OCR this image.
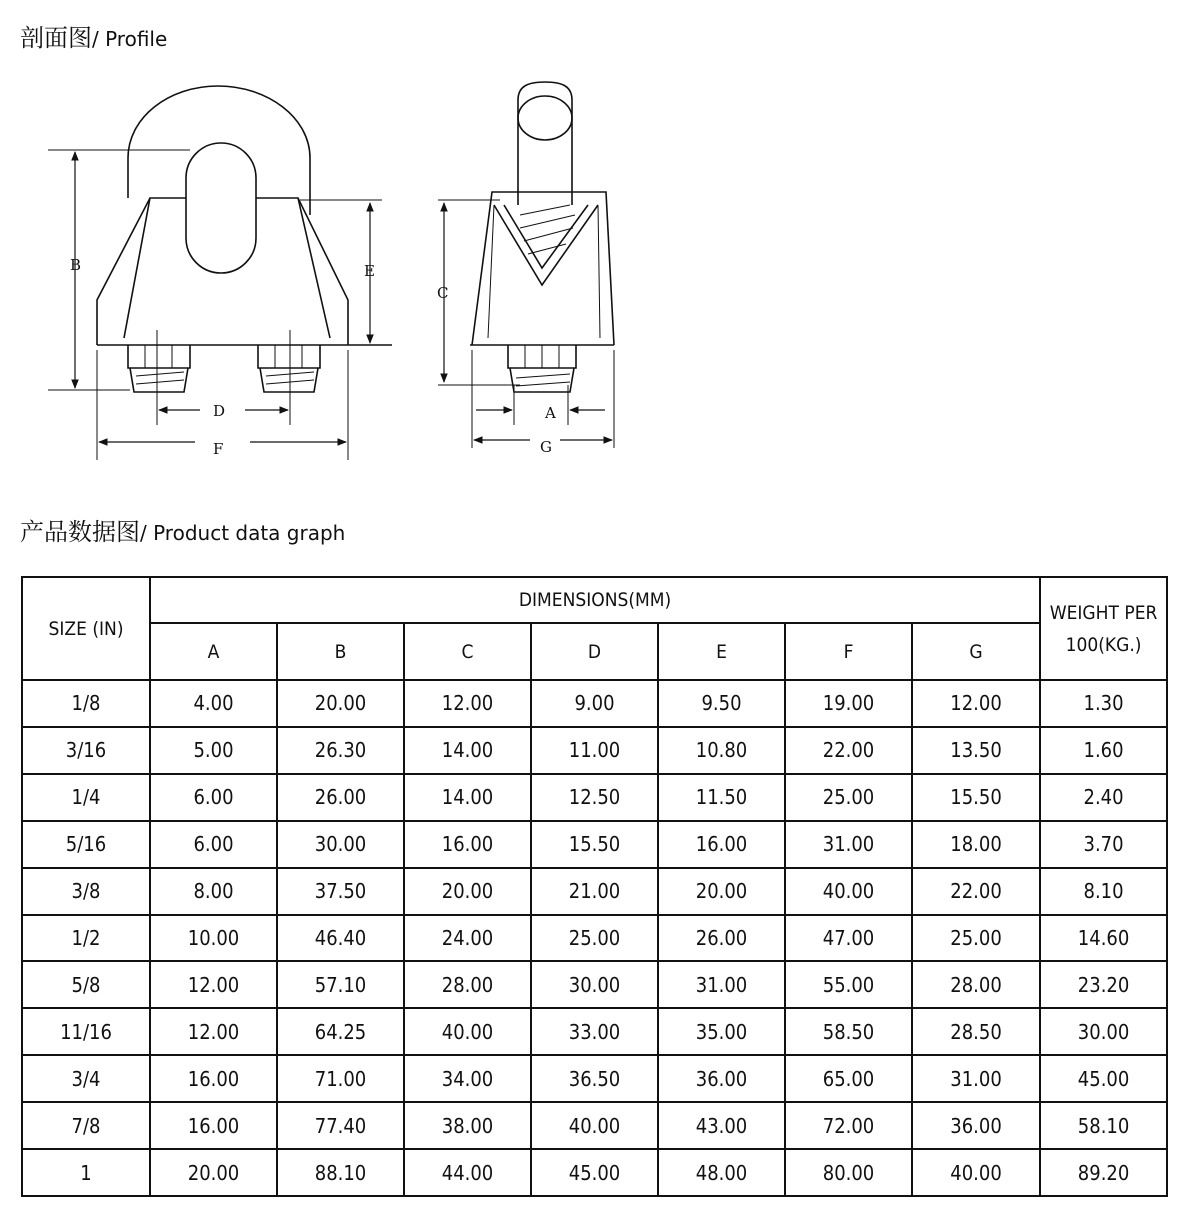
剖面图/ Profile
B	E
D
F
C
A
G
产品数据图/ Product data graph
SIZE (IN)	DIMENSIONS(MM)							WEIGHT PER
100(KG.)

	A	B	C	D	E	F	G	
1/8	4.00	20.00	12.00	9.00	9.50	19.00	12.00	1.30
3/16	5.00	26.30	14.00	11.00	10.80	22.00	13.50	1.60
1/4	6.00	26.00	14.00	12.50	11.50	25.00	15.50	2.40
5/16	6.00	30.00	16.00	15.50	16.00	31.00	18.00	3.70
3/8	8.00	37.50	20.00	21.00	20.00	40.00	22.00	8.10
1/2	10.00	46.40	24.00	25.00	26.00	47.00	25.00	14.60
5/8	12.00	57.10	28.00	30.00	31.00	55.00	28.00	23.20
11/16	12.00	64.25	40.00	33.00	35.00	58.50	28.50	30.00
3/4	16.00	71.00	34.00	36.50	36.00	65.00	31.00	45.00
7/8	16.00	77.40	38.00	40.00	43.00	72.00	36.00	58.10
1	20.00	88.10	44.00	45.00	48.00	80.00	40.00	89.20
